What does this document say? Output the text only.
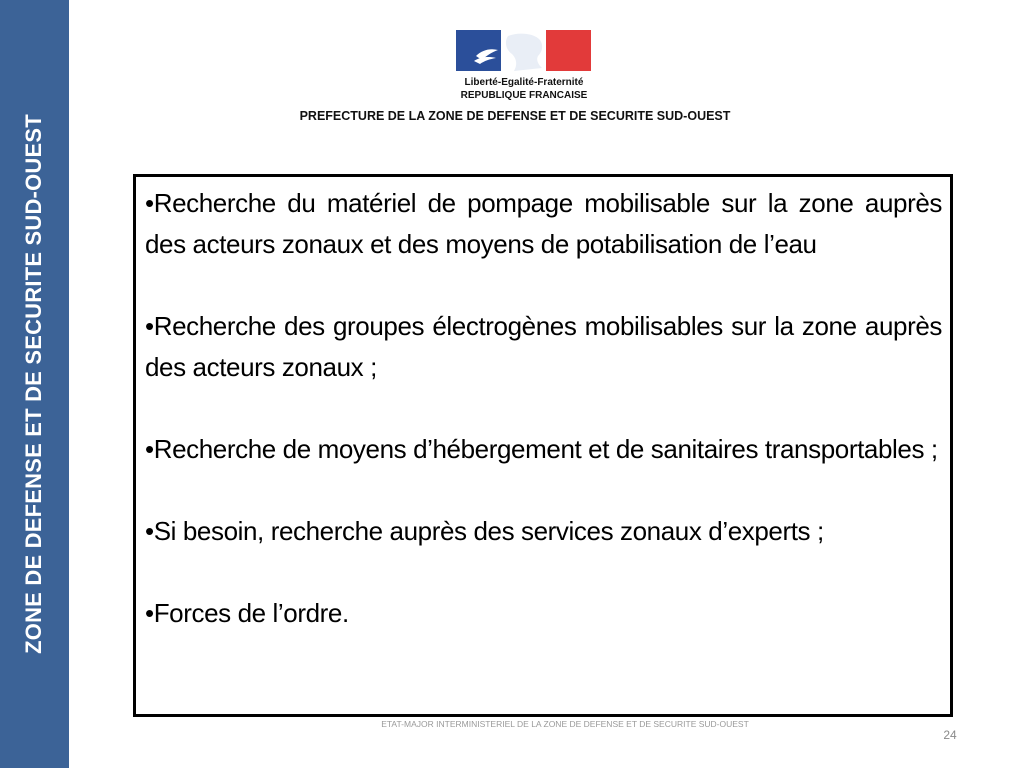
ZONE DE DEFENSE ET DE SECURITE SUD-OUEST
Liberté-Egalité-Fraternité
REPUBLIQUE FRANCAISE
PREFECTURE DE LA ZONE DE DEFENSE ET DE SECURITE SUD-OUEST

•Recherche du matériel de pompage mobilisable sur la zone auprès des acteurs zonaux et des moyens de potabilisation de l’eau

•Recherche des groupes électrogènes mobilisables sur la zone auprès des acteurs zonaux ;

•Recherche de moyens d’hébergement et de sanitaires transportables ;

•Si besoin, recherche auprès des services zonaux d’experts ;

•Forces de l’ordre.

ETAT-MAJOR INTERMINISTERIEL DE LA ZONE DE DEFENSE ET DE SECURITE SUD-OUEST
24
